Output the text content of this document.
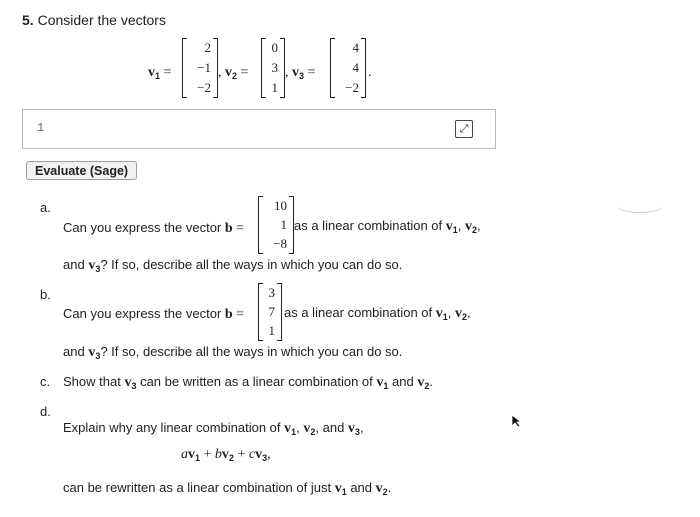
5. Consider the vectors
$v_1$ =
2
−1
−2
, $v_2$ =
0
3
1
, $v_3$ =
4
4
−2
.
1	⤢
Evaluate (Sage)
a.
Can you express the vector b =
10
1
−8
as a linear combination of $v_1$, $v_2$,
and $v_3$? If so, describe all the ways in which you can do so.
b.
Can you express the vector b =
3
7
1
as a linear combination of $v_1$, $v_2$,
and $v_3$? If so, describe all the ways in which you can do so.
c. Show that $v_3$ can be written as a linear combination of $v_1$ and $v_2$.
d.
Explain why any linear combination of $v_1$, $v_2$, and $v_3$,
$av_1 + bv_2 + cv_3$,
can be rewritten as a linear combination of just $v_1$ and $v_2$.
